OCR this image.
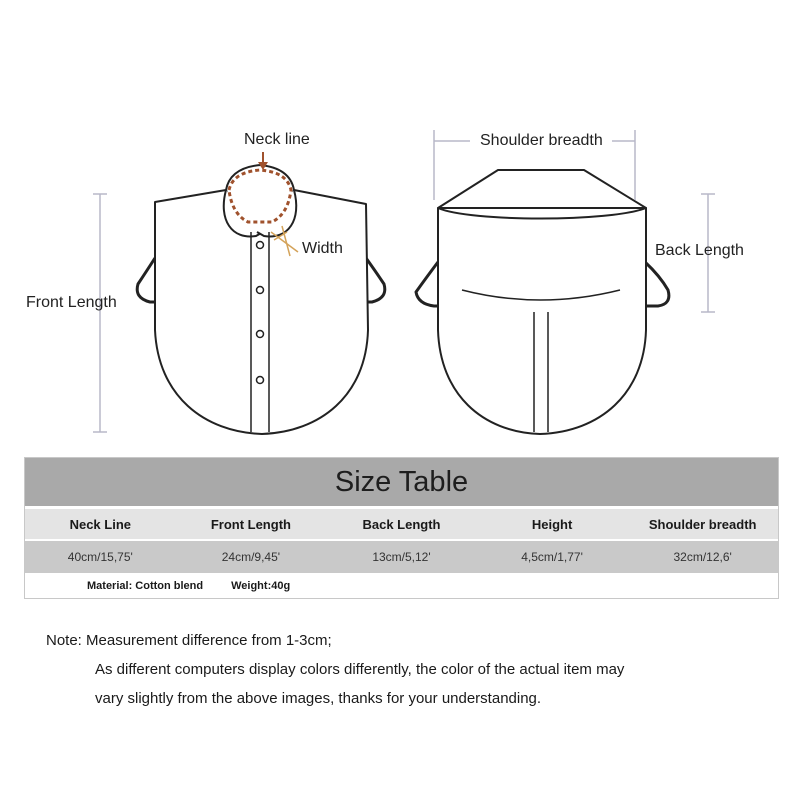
Neck line
Width
Front Length
Shoulder breadth
Back Length
Size Table
Neck Line	Front Length	Back Length	Height	Shoulder breadth
40cm/15,75'	24cm/9,45'	13cm/5,12'	4,5cm/1,77'	32cm/12,6'
Material: Cotton blend	Weight:40g
Note: Measurement difference from 1-3cm;
As different computers display colors differently, the color of the actual item may
vary slightly from the above images, thanks for your understanding.
